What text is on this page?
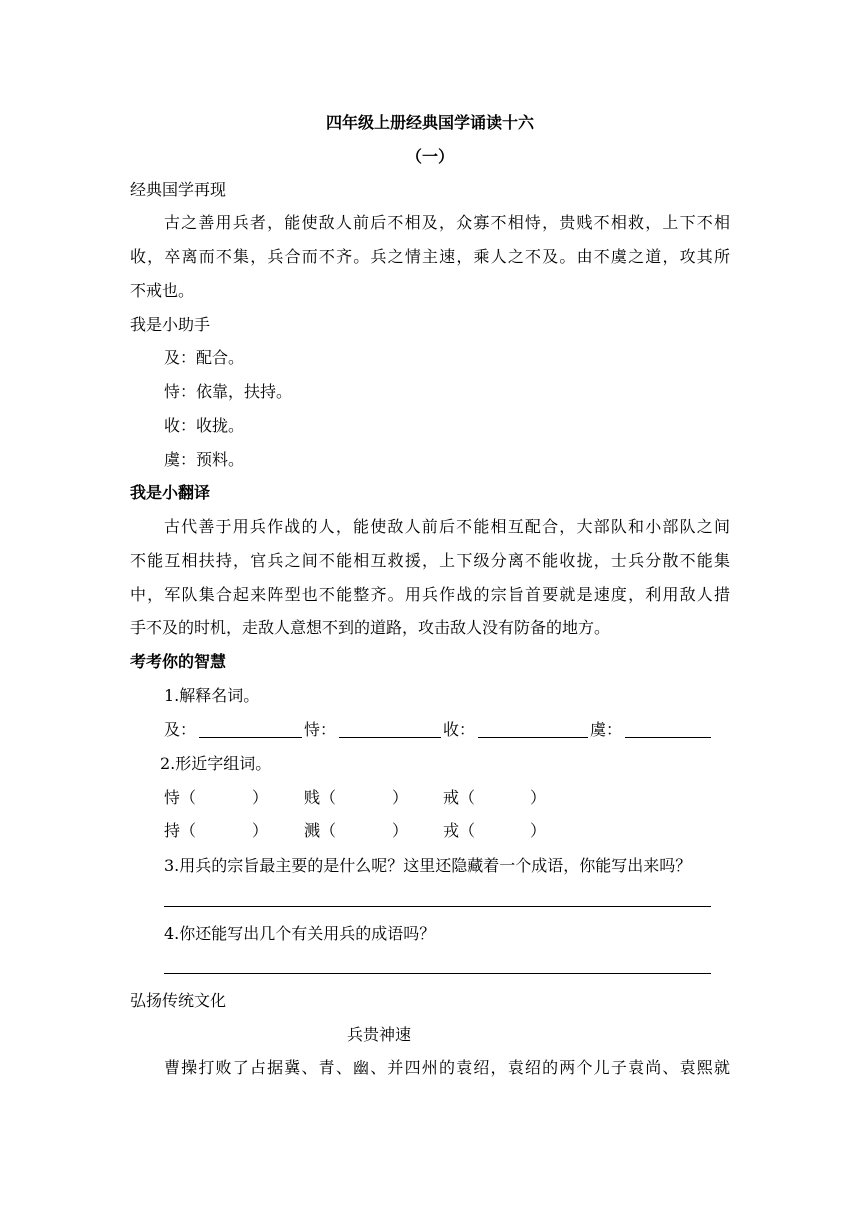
四年级上册经典国学诵读十六
（一）
经典国学再现
古之善用兵者，能使敌人前后不相及，众寡不相恃，贵贱不相救，上下不相
收，卒离而不集，兵合而不齐。兵之情主速，乘人之不及。由不虞之道，攻其所
不戒也。
我是小助手
及：配合。
恃：依靠，扶持。
收：收拢。
虞：预料。
我是小翻译
古代善于用兵作战的人，能使敌人前后不能相互配合，大部队和小部队之间
不能互相扶持，官兵之间不能相互救援，上下级分离不能收拢，士兵分散不能集
中，军队集合起来阵型也不能整齐。用兵作战的宗旨首要就是速度，利用敌人措
手不及的时机，走敌人意想不到的道路，攻击敌人没有防备的地方。
考考你的智慧
1.解释名词。
及：	恃：	收：	虞：
2.形近字组词。
恃（	） 贱（	） 戒（	）
持（	） 溅（	） 戎（	）
3.用兵的宗旨最主要的是什么呢？这里还隐藏着一个成语，你能写出来吗？
4.你还能写出几个有关用兵的成语吗？
弘扬传统文化
兵贵神速
曹操打败了占据冀、青、幽、并四州的袁绍，袁绍的两个儿子袁尚、袁熙就
